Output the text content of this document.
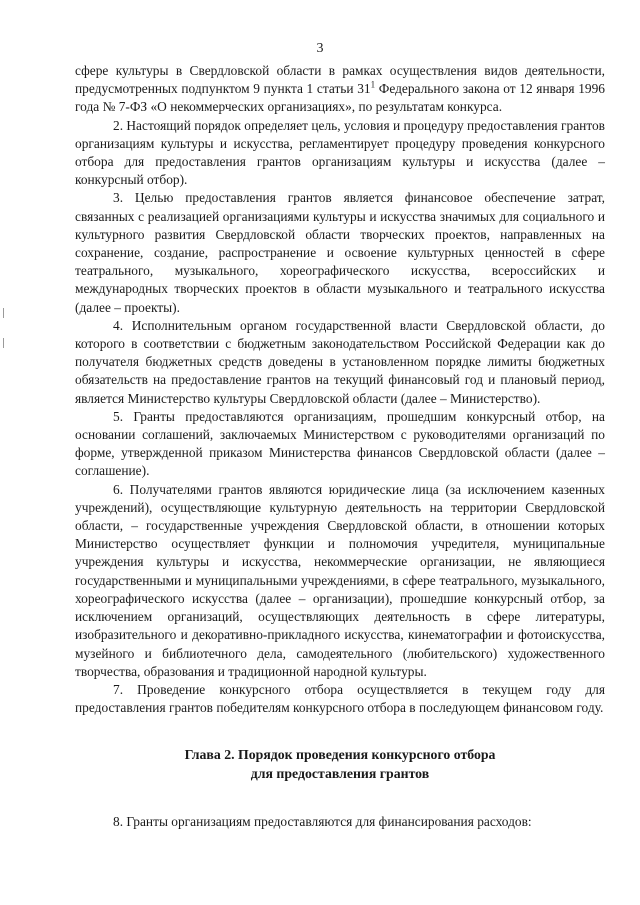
3

сфере культуры в Свердловской области в рамках осуществления видов деятельности, предусмотренных подпунктом 9 пункта 1 статьи $31^1$ Федерального закона от 12 января 1996 года № 7-ФЗ «О некоммерческих организациях», по результатам конкурса.

2. Настоящий порядок определяет цель, условия и процедуру предоставления грантов организациям культуры и искусства, регламентирует процедуру проведения конкурсного отбора для предоставления грантов организациям культуры и искусства (далее – конкурсный отбор).

3. Целью предоставления грантов является финансовое обеспечение затрат, связанных с реализацией организациями культуры и искусства значимых для социального и культурного развития Свердловской области творческих проектов, направленных на сохранение, создание, распространение и освоение культурных ценностей в сфере театрального, музыкального, хореографического искусства, всероссийских и международных творческих проектов в области музыкального и театрального искусства (далее – проекты).

4. Исполнительным органом государственной власти Свердловской области, до которого в соответствии с бюджетным законодательством Российской Федерации как до получателя бюджетных средств доведены в установленном порядке лимиты бюджетных обязательств на предоставление грантов на текущий финансовый год и плановый период, является Министерство культуры Свердловской области (далее – Министерство).

5. Гранты предоставляются организациям, прошедшим конкурсный отбор, на основании соглашений, заключаемых Министерством с руководителями организаций по форме, утвержденной приказом Министерства финансов Свердловской области (далее – соглашение).

6. Получателями грантов являются юридические лица (за исключением казенных учреждений), осуществляющие культурную деятельность на территории Свердловской области, – государственные учреждения Свердловской области, в отношении которых Министерство осуществляет функции и полномочия учредителя, муниципальные учреждения культуры и искусства, некоммерческие организации, не являющиеся государственными и муниципальными учреждениями, в сфере театрального, музыкального, хореографического искусства (далее – организации), прошедшие конкурсный отбор, за исключением организаций, осуществляющих деятельность в сфере литературы, изобразительного и декоративно-прикладного искусства, кинематографии и фотоискусства, музейного и библиотечного дела, самодеятельного (любительского) художественного творчества, образования и традиционной народной культуры.

7. Проведение конкурсного отбора осуществляется в текущем году для предоставления грантов победителям конкурсного отбора в последующем финансовом году.

Глава 2. Порядок проведения конкурсного отбора
для предоставления грантов

8. Гранты организациям предоставляются для финансирования расходов:
